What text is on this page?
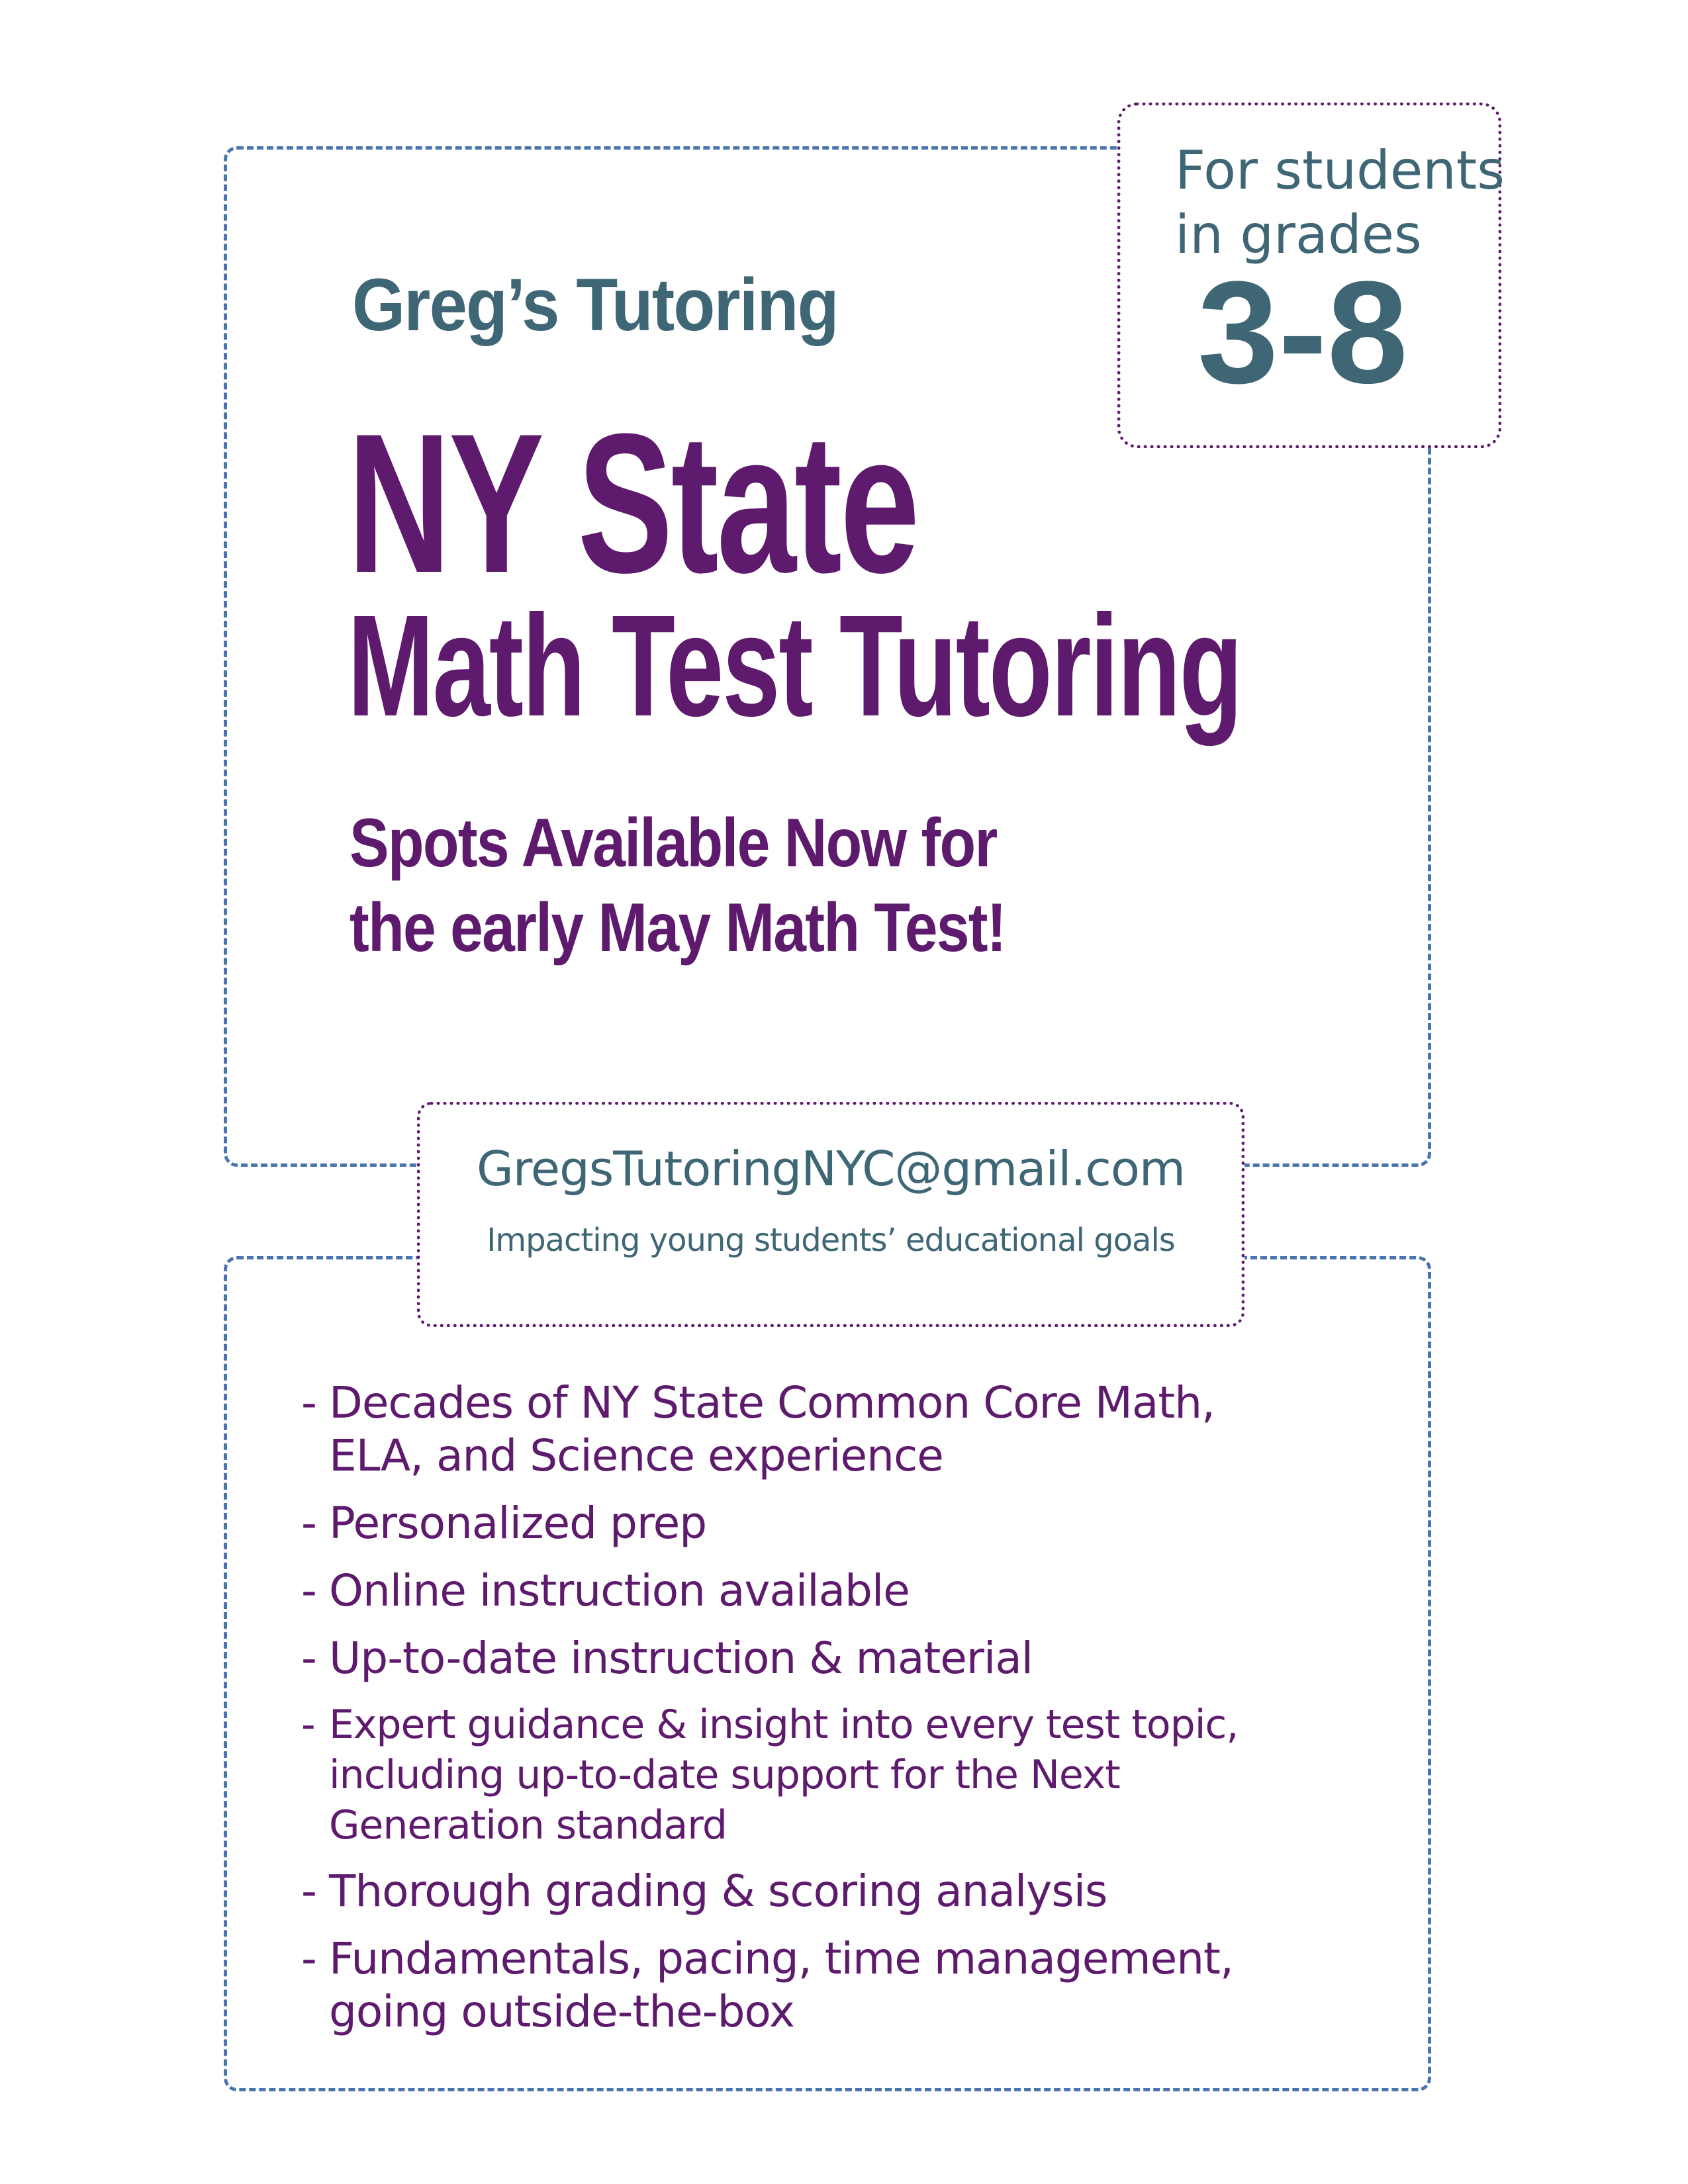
For students
in grades
3-8
Greg’s Tutoring
NY State
Math Test Tutoring
Spots Available Now for
the early May Math Test!
GregsTutoringNYC@gmail.com
Impacting young students’ educational goals
- Decades of NY State Common Core Math,
ELA, and Science experience
- Personalized prep
- Online instruction available
- Up-to-date instruction & material
- Expert guidance & insight into every test topic,
including up-to-date support for the Next
Generation standard
- Thorough grading & scoring analysis
- Fundamentals, pacing, time management,
going outside-the-box
